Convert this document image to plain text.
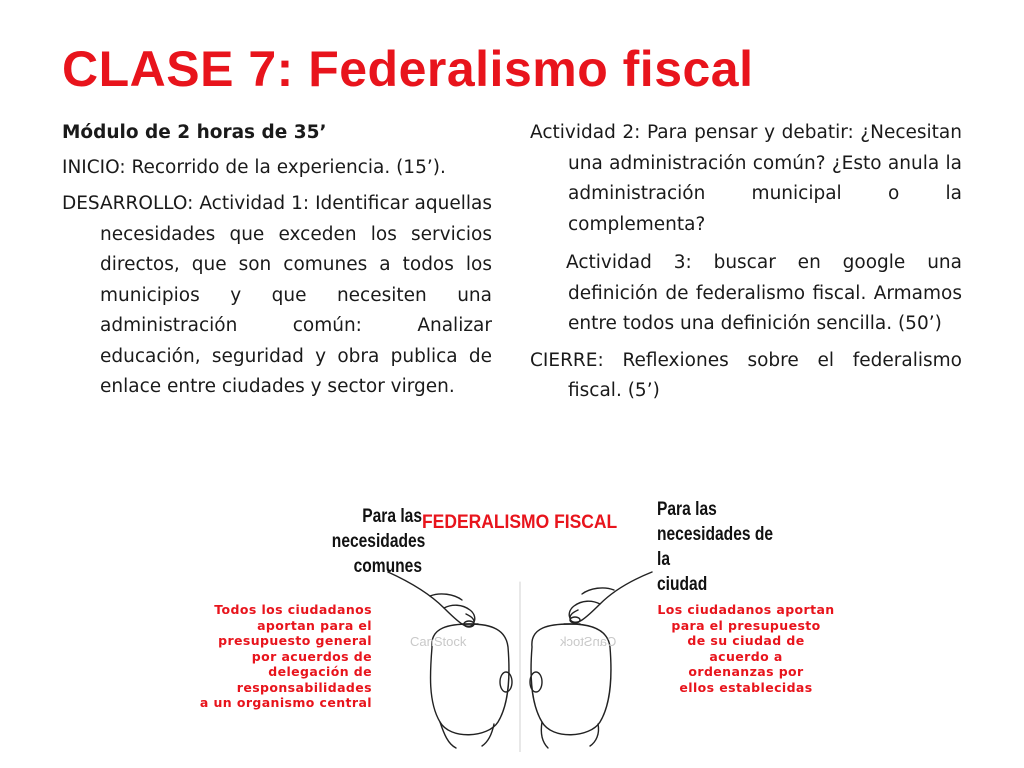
CLASE 7: Federalismo fiscal

Módulo de 2 horas de 35’

INICIO: Recorrido de la experiencia. (15’).

DESARROLLO: Actividad 1: Identificar aquellas necesidades que exceden los servicios directos, que son comunes a todos los municipios y que necesiten una administración común: Analizar educación, seguridad y obra publica de enlace entre ciudades y sector virgen.

Actividad 2: Para pensar y debatir: ¿Necesitan una administración común? ¿Esto anula la administración municipal o la complementa?

Actividad 3: buscar en google una definición de federalismo fiscal. Armamos entre todos una definición sencilla. (50’)

CIERRE: Reflexiones sobre el federalismo fiscal. (5’)

Para las
necesidades
comunes

FEDERALISMO FISCAL

Para las
necesidades de la
ciudad

Todos los ciudadanos
aportan para el
presupuesto general
por acuerdos de
delegación de
responsabilidades
a un organismo central

Los ciudadanos aportan
para el presupuesto
de su ciudad de
acuerdo a
ordenanzas por
ellos establecidas

CanStock	CanStock
